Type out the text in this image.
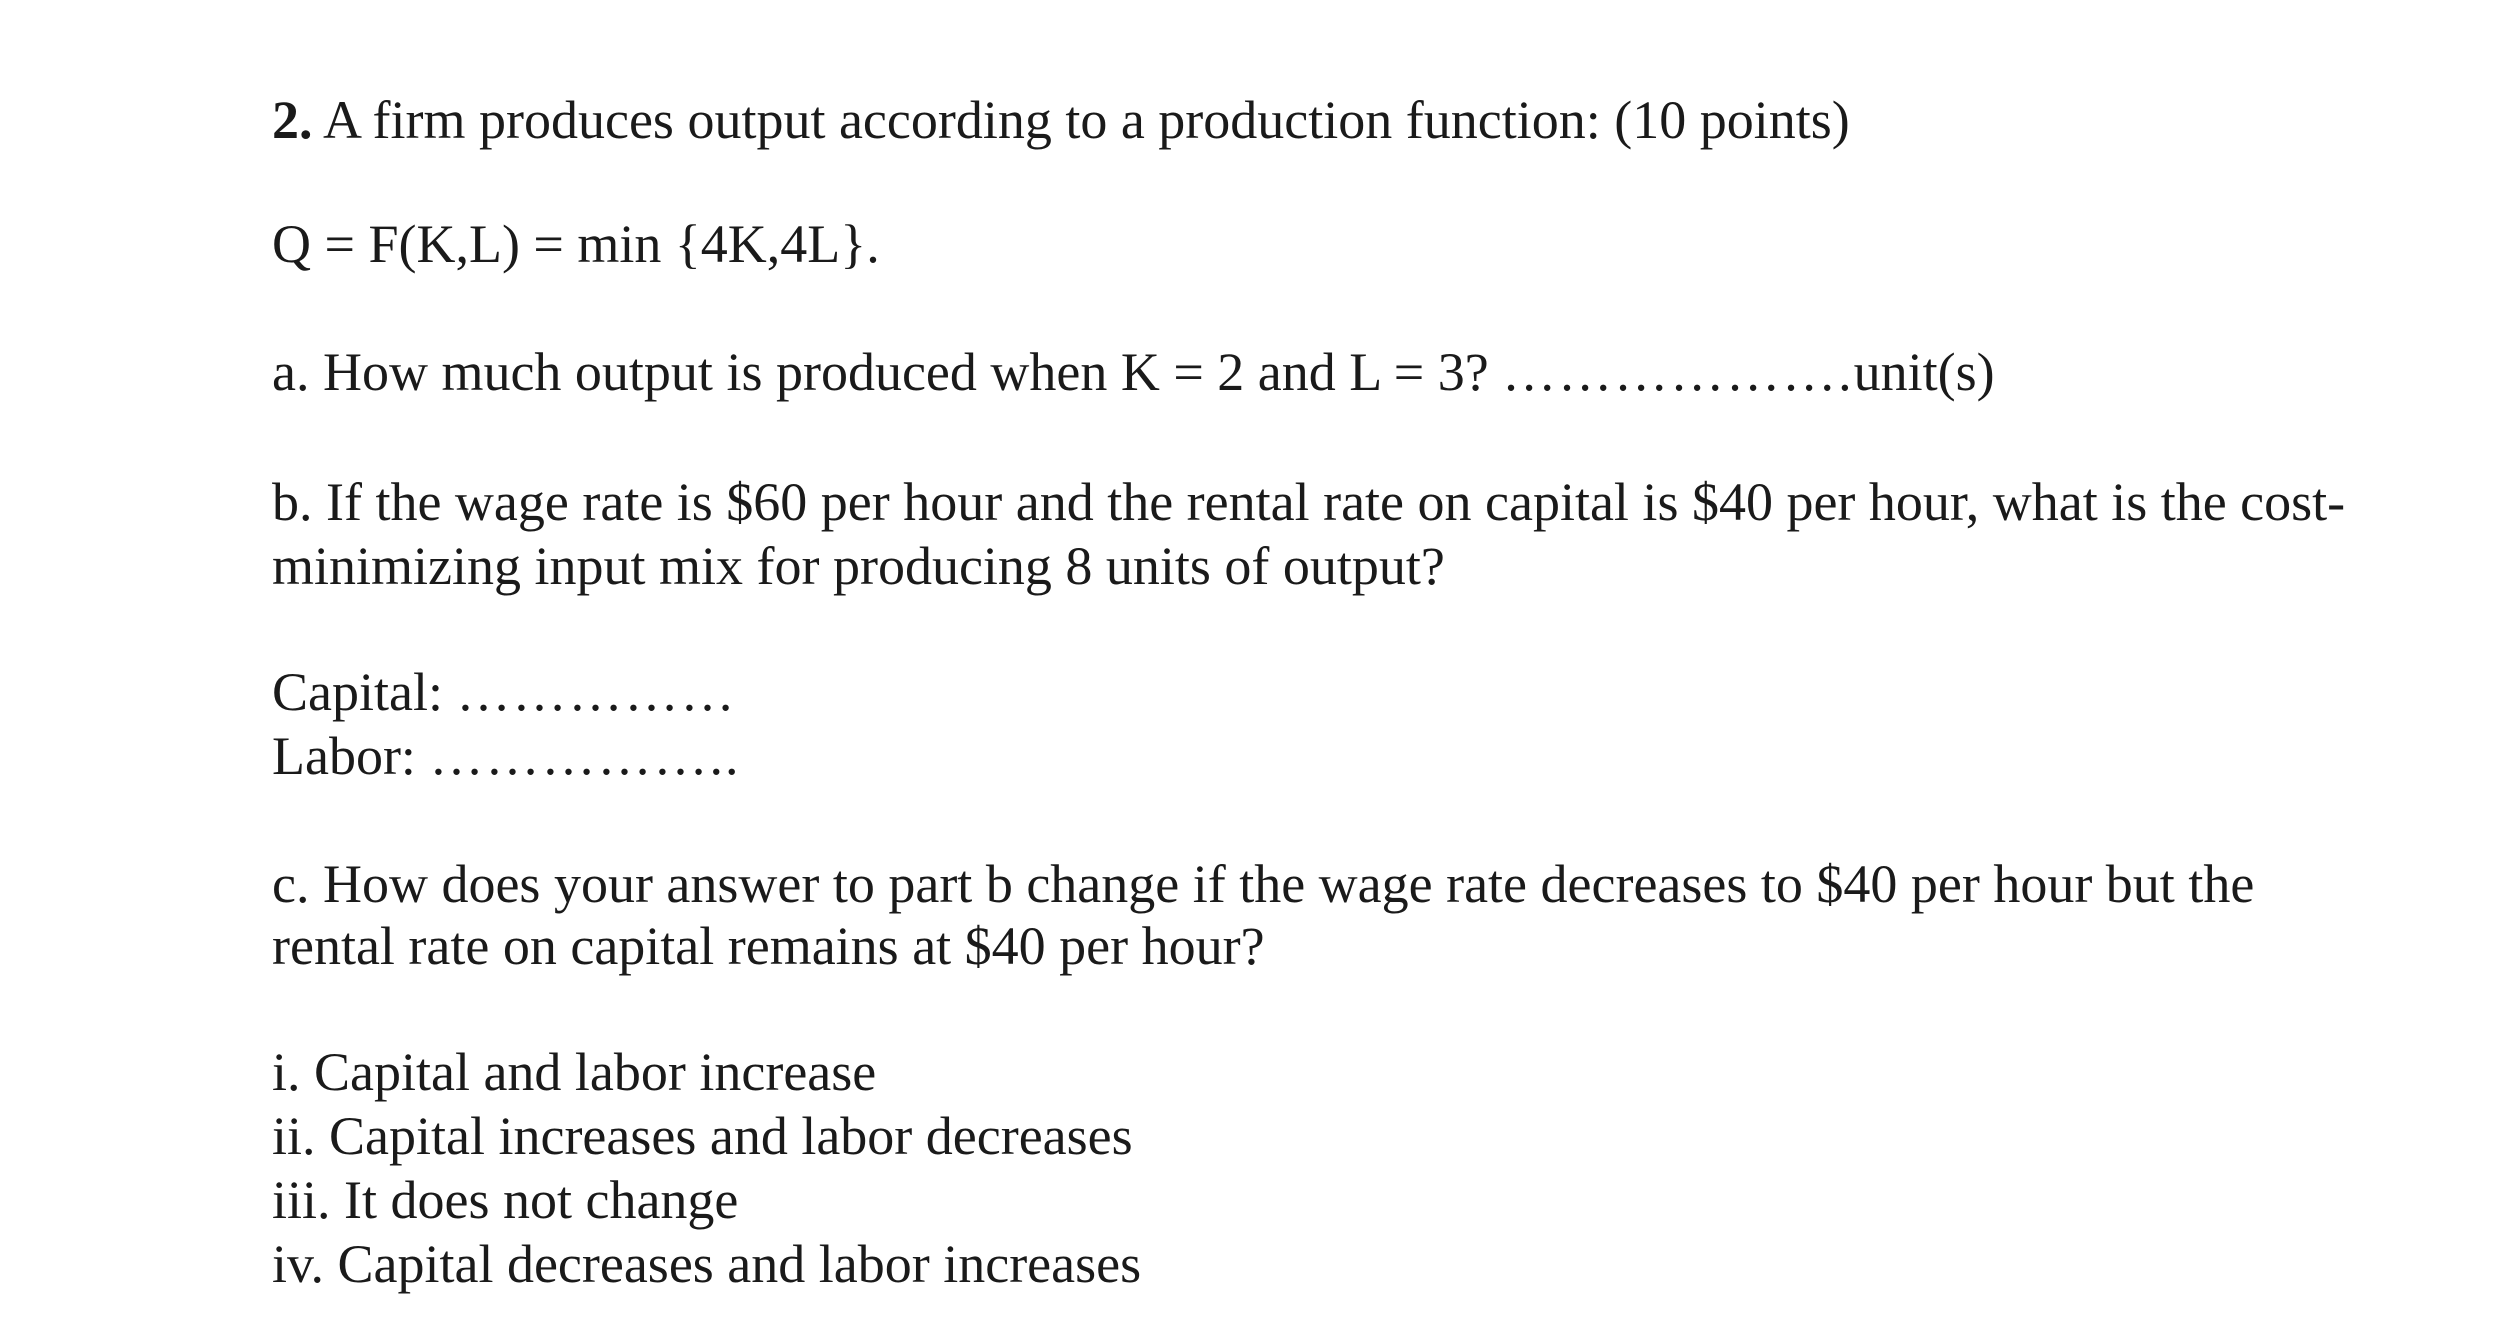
2. A firm produces output according to a production function: (10 points)
Q = F(K,L) = min {4K,4L}.
a. How much output is produced when K = 2 and L = 3? ……………….unit(s)
b. If the wage rate is $60 per hour and the rental rate on capital is $40 per hour, what is the cost-
minimizing input mix for producing 8 units of output?
Capital: ……………
Labor: ……………..
c. How does your answer to part b change if the wage rate decreases to $40 per hour but the
rental rate on capital remains at $40 per hour?
i. Capital and labor increase
ii. Capital increases and labor decreases
iii. It does not change
iv. Capital decreases and labor increases
